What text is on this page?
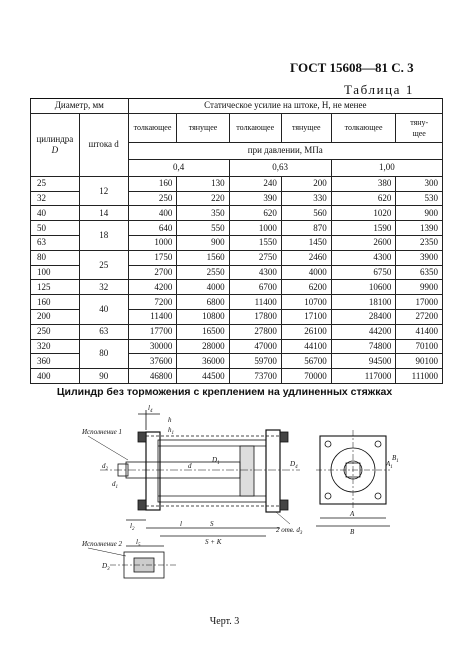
ГОСТ 15608—81 С. 3
Таблица 1
Диаметр, мм		Статическое усилие на штоке, Н, не менее					
цилиндра
D	штока d	толкающее	тянущее	толкающее	тянущее	толкающее	тяну-
щее
		при давлении, МПа					
		0,4		0,63		1,00	
25	12	160	130	240	200	380	300
32		250	220	390	330	620	530
40	14	400	350	620	560	1020	900
50	18	640	550	1000	870	1590	1390
63		1000	900	1550	1450	2600	2350
80	25	1750	1560	2750	2460	4300	3900
100		2700	2550	4300	4000	6750	6350
125	32	4200	4000	6700	6200	10600	9900
160	40	7200	6800	11400	10700	18100	17000
200		11400	10800	17800	17100	28400	27200
250	63	17700	16500	27800	26100	44200	41400
320	80	30000	28000	47000	44100	74800	70100
360		37600	36000	59700	56700	94500	90100
400	90	46800	44500	73700	70000	117000	111000
Цилиндр без торможения с креплением на удлиненных стяжках
$l_4$
h
$h_1$
Исполнение 1
Исполнение 2
$d_2$
$d_1$
d
$D_1$	$D_4$
$l_2$
S
S + K
l
2 отв. $d_3$
A
B
$A_1$
$B_1$
$D_3$
$l_5$
Черт. 3
